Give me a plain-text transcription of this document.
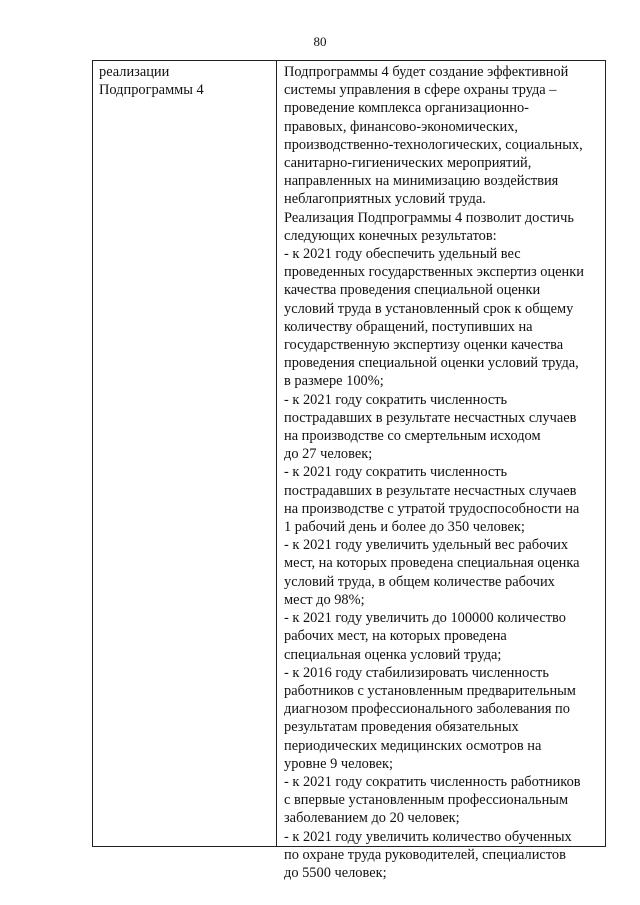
80
реализации
Подпрограммы 4
Подпрограммы 4 будет создание эффективной
системы управления в сфере охраны труда –
проведение комплекса организационно-
правовых, финансово-экономических,
производственно-технологических, социальных,
санитарно-гигиенических мероприятий,
направленных на минимизацию воздействия
неблагоприятных условий труда.
Реализация Подпрограммы 4 позволит достичь
следующих конечных результатов:
- к 2021 году обеспечить удельный вес
проведенных государственных экспертиз оценки
качества проведения специальной оценки
условий труда в установленный срок к общему
количеству обращений, поступивших на
государственную экспертизу оценки качества
проведения специальной оценки условий труда,
в размере 100%;
- к 2021 году сократить численность
пострадавших в результате несчастных случаев
на производстве со смертельным исходом
до 27 человек;
- к 2021 году сократить численность
пострадавших в результате несчастных случаев
на производстве с утратой трудоспособности на
1 рабочий день и более до 350 человек;
- к 2021 году увеличить удельный вес рабочих
мест, на которых проведена специальная оценка
условий труда, в общем количестве рабочих
мест до 98%;
- к 2021 году увеличить до 100000 количество
рабочих мест, на которых проведена
специальная оценка условий труда;
- к 2016 году стабилизировать численность
работников с установленным предварительным
диагнозом профессионального заболевания по
результатам проведения обязательных
периодических медицинских осмотров на
уровне 9 человек;
- к 2021 году сократить численность работников
с впервые установленным профессиональным
заболеванием до 20 человек;
- к 2021 году увеличить количество обученных
по охране труда руководителей, специалистов
до 5500 человек;
